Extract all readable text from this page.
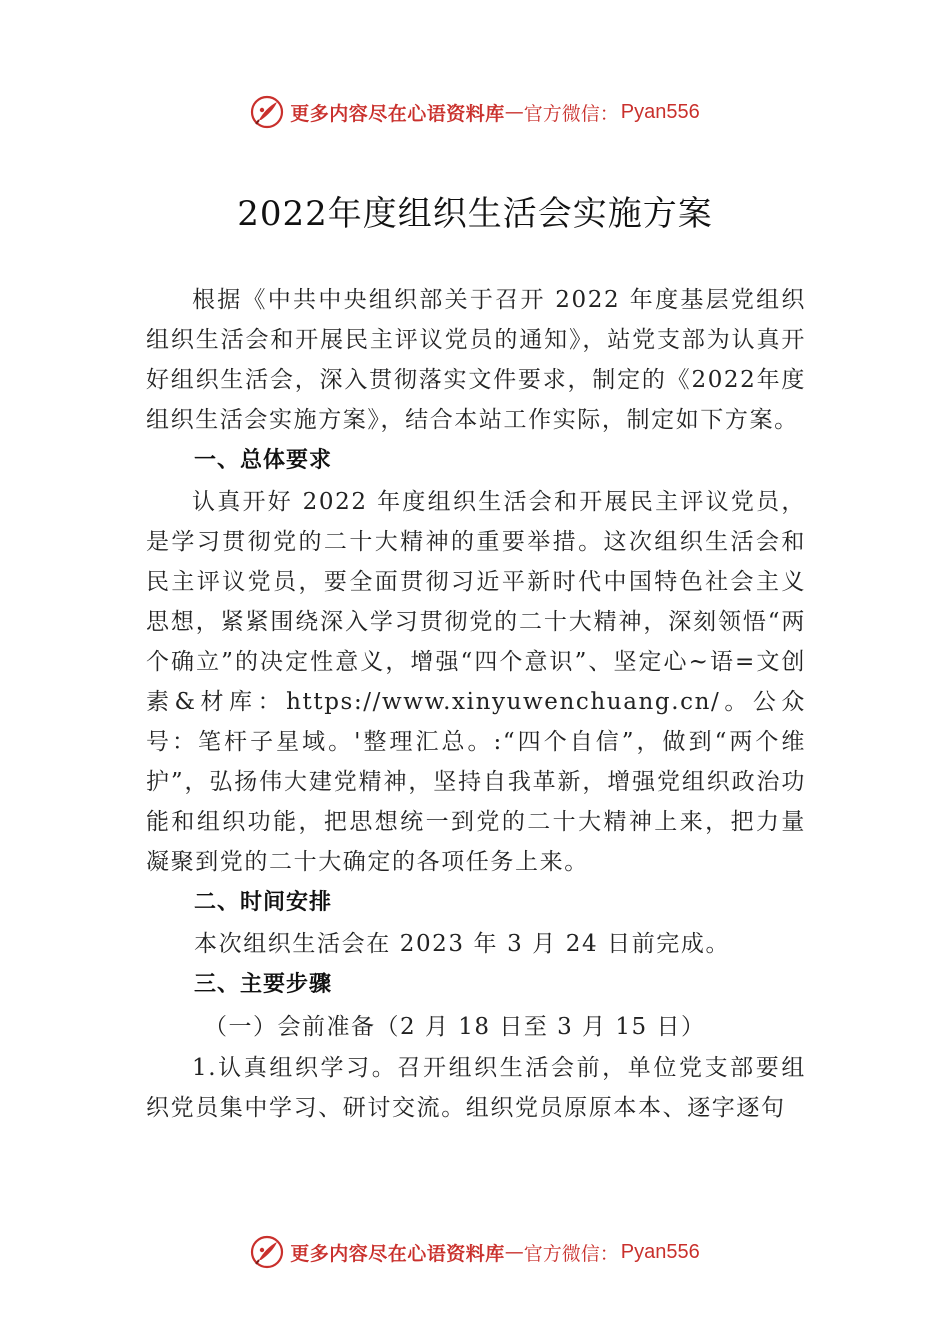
更多内容尽在心语资料库 — 官方微信： Pyan556
2022年度组织生活会实施方案

根据《中共中央组织部关于召开 2022 年度基层党组织组织生活会和开展民主评议党员的通知》，站党支部为认真开好组织生活会，深入贯彻落实文件要求，制定的《2022年度组织生活会实施方案》，结合本站工作实际，制定如下方案。

一、总体要求

认真开好 2022 年度组织生活会和开展民主评议党员，是学习贯彻党的二十大精神的重要举措。这次组织生活会和民主评议党员，要全面贯彻习近平新时代中国特色社会主义思想，紧紧围绕深入学习贯彻党的二十大精神，深刻领悟“两个确立”的决定性意义，增强“四个意识”、坚定心~语=文创素&材库：https://www.xinyuwenchuang.cn/。公众号：笔杆子星域。'整理汇总。:“四个自信”，做到“两个维护”，弘扬伟大建党精神，坚持自我革新，增强党组织政治功能和组织功能，把思想统一到党的二十大精神上来，把力量凝聚到党的二十大确定的各项任务上来。

二、时间安排

本次组织生活会在 2023 年 3 月 24 日前完成。

三、主要步骤

（一）会前准备（2 月 18 日至 3 月 15 日）

1.认真组织学习。召开组织生活会前，单位党支部要组织党员集中学习、研讨交流。组织党员原原本本、逐字逐句

更多内容尽在心语资料库 — 官方微信： Pyan556
